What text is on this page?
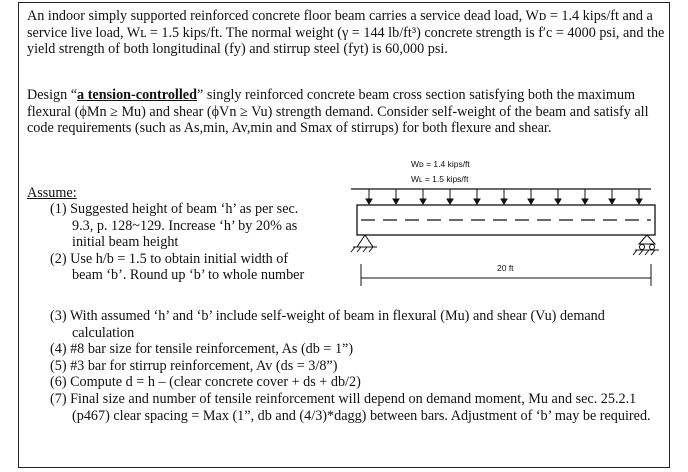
An indoor simply supported reinforced concrete floor beam carries a service dead load, Wᴅ = 1.4 kips/ft and a service live load, Wʟ = 1.5 kips/ft. The normal weight (γ = 144 lb/ft³) concrete strength is f′c = 4000 psi, and the yield strength of both longitudinal (fy) and stirrup steel (fyt) is 60,000 psi.

Design “a tension-controlled” singly reinforced concrete beam cross section satisfying both the maximum flexural (ϕMn ≥ Mu) and shear (ϕVn ≥ Vu) strength demand. Consider self-weight of the beam and satisfy all code requirements (such as As,min, Av,min and Smax of stirrups) for both flexure and shear.

Assume:
(1) Suggested height of beam ‘h’ as per sec. 9.3, p. 128~129. Increase ‘h’ by 20% as initial beam height
(2) Use h/b = 1.5 to obtain initial width of beam ‘b’. Round up ‘b’ to whole number
(3) With assumed ‘h’ and ‘b’ include self-weight of beam in flexural (Mu) and shear (Vu) demand calculation
(4) #8 bar size for tensile reinforcement, As (db = 1”)
(5) #3 bar for stirrup reinforcement, Av (ds = 3/8”)
(6) Compute d = h – (clear concrete cover + ds + db/2)
(7) Final size and number of tensile reinforcement will depend on demand moment, Mu and sec. 25.2.1 (p467) clear spacing = Max (1”, db and (4/3)*dagg) between bars. Adjustment of ‘b’ may be required.
Wᴅ = 1.4 kips/ft
Wʟ = 1.5 kips/ft
20 ft
